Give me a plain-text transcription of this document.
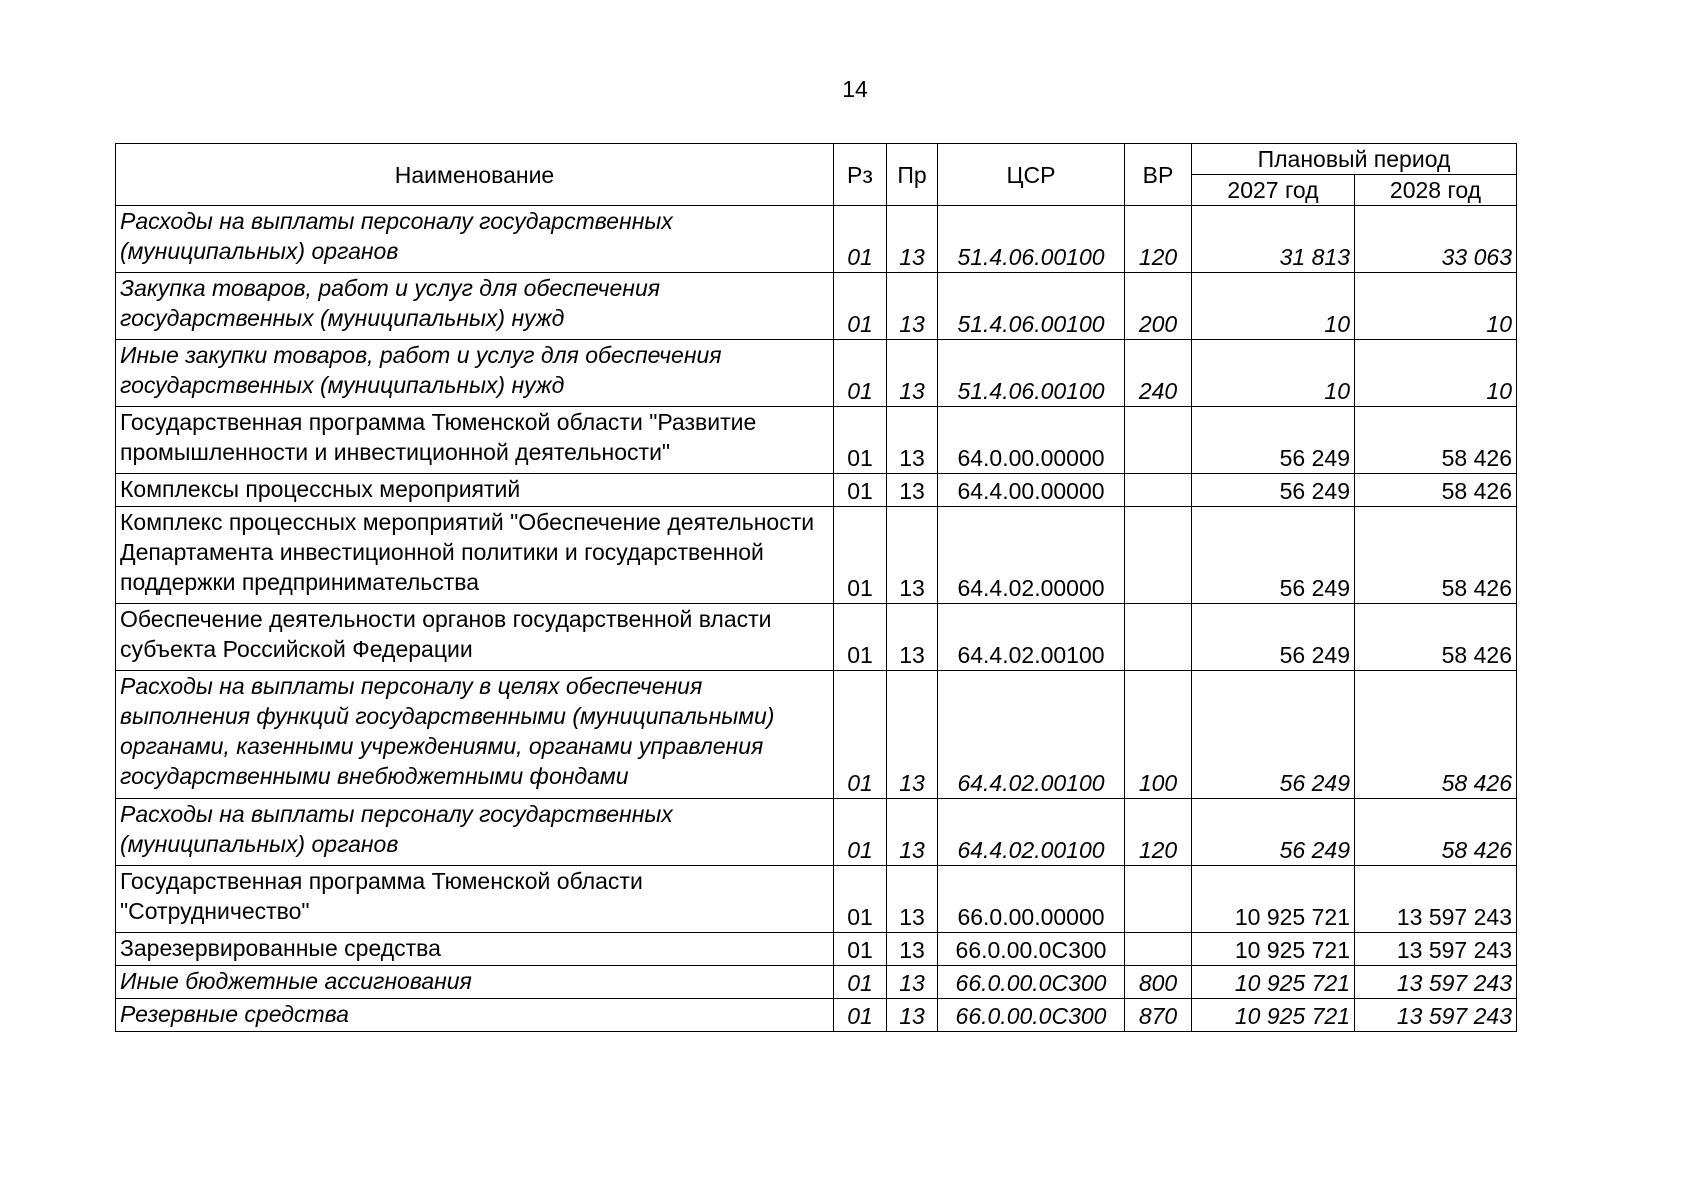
14
Наименование	Рз	Пр	ЦСР	ВР	Плановый период	
					2027 год	2028 год
Расходы на выплаты персоналу государственных (муниципальных) органов	01	13	51.4.06.00100	120	31 813	33 063
Закупка товаров, работ и услуг для обеспечения государственных (муниципальных) нужд	01	13	51.4.06.00100	200	10	10
Иные закупки товаров, работ и услуг для обеспечения государственных (муниципальных) нужд	01	13	51.4.06.00100	240	10	10
Государственная программа Тюменской области "Развитие промышленности и инвестиционной деятельности"	01	13	64.0.00.00000		56 249	58 426
Комплексы процессных мероприятий	01	13	64.4.00.00000		56 249	58 426
Комплекс процессных мероприятий "Обеспечение деятельности Департамента инвестиционной политики и государственной поддержки предпринимательства	01	13	64.4.02.00000		56 249	58 426
Обеспечение деятельности органов государственной власти субъекта Российской Федерации	01	13	64.4.02.00100		56 249	58 426
Расходы на выплаты персоналу в целях обеспечения выполнения функций государственными (муниципальными) органами, казенными учреждениями, органами управления государственными внебюджетными фондами	01	13	64.4.02.00100	100	56 249	58 426
Расходы на выплаты персоналу государственных (муниципальных) органов	01	13	64.4.02.00100	120	56 249	58 426
Государственная программа Тюменской области "Сотрудничество"	01	13	66.0.00.00000		10 925 721	13 597 243
Зарезервированные средства	01	13	66.0.00.0С300		10 925 721	13 597 243
Иные бюджетные ассигнования	01	13	66.0.00.0С300	800	10 925 721	13 597 243
Резервные средства	01	13	66.0.00.0С300	870	10 925 721	13 597 243
